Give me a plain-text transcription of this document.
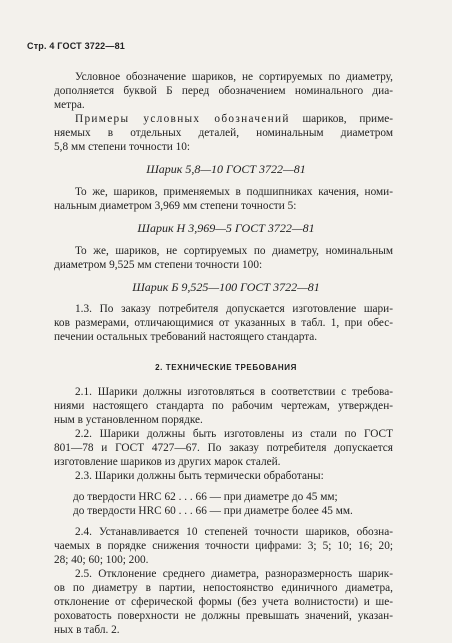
Стр. 4 ГОСТ 3722—81
Условное обозначение шариков, не сортируемых по диаметру,
дополняется буквой Б перед обозначением номинального диа-
метра.
Примеры условных обозначений шариков, приме-
няемых в отдельных деталей, номинальным диаметром
5,8 мм степени точности 10:
Шарик 5,8—10 ГОСТ 3722—81
То же, шариков, применяемых в подшипниках качения, номи-
нальным диаметром 3,969 мм степени точности 5:
Шарик Н 3,969—5 ГОСТ 3722—81
То же, шариков, не сортируемых по диаметру, номинальным
диаметром 9,525 мм степени точности 100:
Шарик Б 9,525—100 ГОСТ 3722—81
1.3. По заказу потребителя допускается изготовление шари-
ков размерами, отличающимися от указанных в табл. 1, при обес-
печении остальных требований настоящего стандарта.
2. ТЕХНИЧЕСКИЕ ТРЕБОВАНИЯ
2.1. Шарики должны изготовляться в соответствии с требова-
ниями настоящего стандарта по рабочим чертежам, утвержден-
ным в установленном порядке.
2.2. Шарики должны быть изготовлены из стали по ГОСТ
801—78 и ГОСТ 4727—67. По заказу потребителя допускается
изготовление шариков из других марок сталей.
2.3. Шарики должны быть термически обработаны:
до твердости HRC 62 . . . 66 — при диаметре до 45 мм;
до твердости HRC 60 . . . 66 — при диаметре более 45 мм.
2.4. Устанавливается 10 степеней точности шариков, обозна-
чаемых в порядке снижения точности цифрами: 3; 5; 10; 16; 20;
28; 40; 60; 100; 200.
2.5. Отклонение среднего диаметра, разноразмерность шарик-
ов по диаметру в партии, непостоянство единичного диаметра,
отклонение от сферической формы (без учета волнистости) и ше-
роховатость поверхности не должны превышать значений, указан-
ных в табл. 2.
